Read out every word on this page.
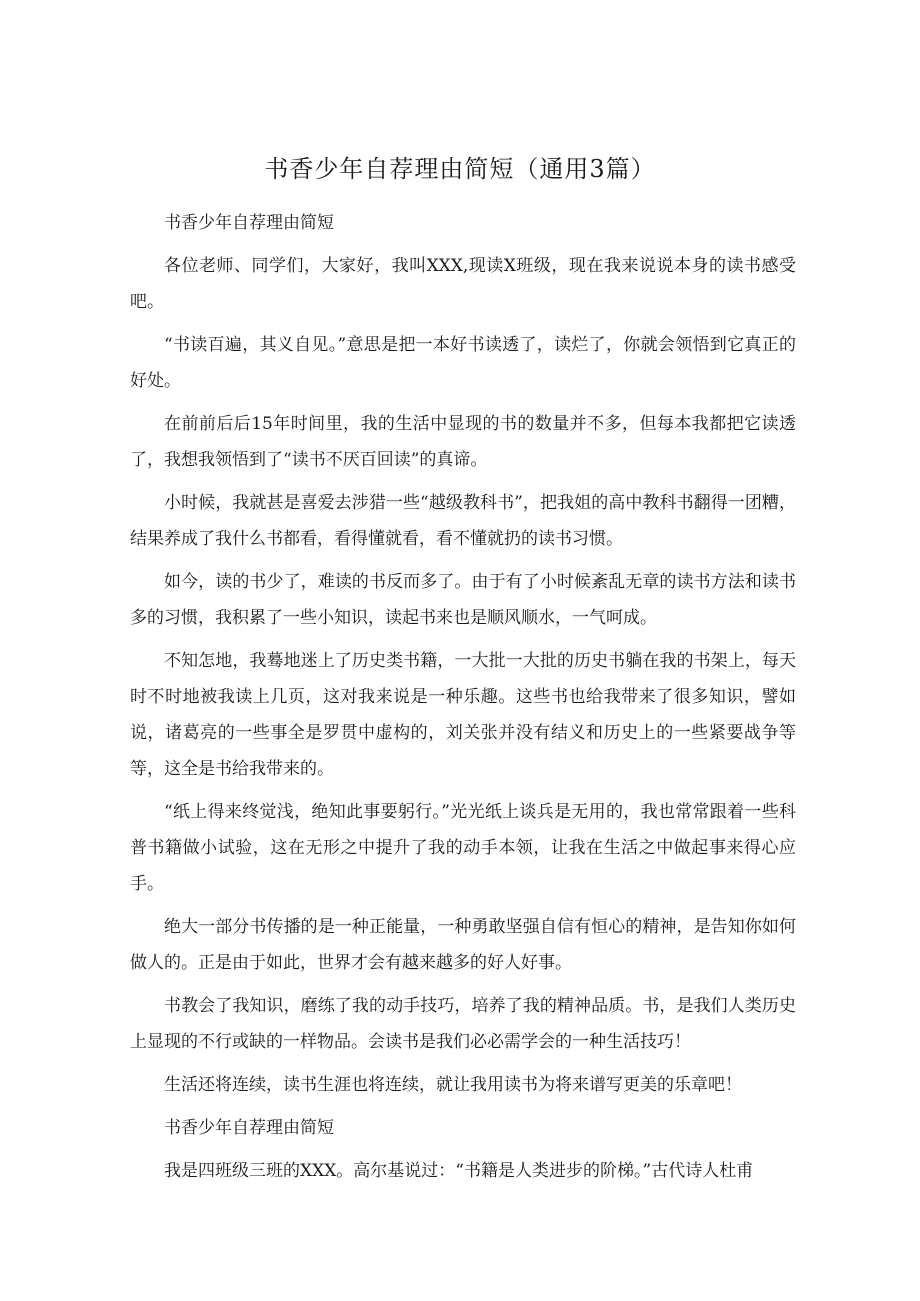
书香少年自荐理由简短（通用3篇）

书香少年自荐理由简短

各位老师、同学们，大家好，我叫XXX,现读X班级，现在我来说说本身的读书感受吧。

“书读百遍，其义自见。”意思是把一本好书读透了，读烂了，你就会领悟到它真正的好处。

在前前后后15年时间里，我的生活中显现的书的数量并不多，但每本我都把它读透了，我想我领悟到了“读书不厌百回读”的真谛。

小时候，我就甚是喜爱去涉猎一些“越级教科书”，把我姐的高中教科书翻得一团糟，结果养成了我什么书都看，看得懂就看，看不懂就扔的读书习惯。

如今，读的书少了，难读的书反而多了。由于有了小时候紊乱无章的读书方法和读书多的习惯，我积累了一些小知识，读起书来也是顺风顺水，一气呵成。

不知怎地，我蓦地迷上了历史类书籍，一大批一大批的历史书躺在我的书架上，每天时不时地被我读上几页，这对我来说是一种乐趣。这些书也给我带来了很多知识，譬如说，诸葛亮的一些事全是罗贯中虚构的，刘关张并没有结义和历史上的一些紧要战争等等，这全是书给我带来的。

“纸上得来终觉浅，绝知此事要躬行。”光光纸上谈兵是无用的，我也常常跟着一些科普书籍做小试验，这在无形之中提升了我的动手本领，让我在生活之中做起事来得心应手。

绝大一部分书传播的是一种正能量，一种勇敢坚强自信有恒心的精神，是告知你如何做人的。正是由于如此，世界才会有越来越多的好人好事。

书教会了我知识，磨练了我的动手技巧，培养了我的精神品质。书，是我们人类历史上显现的不行或缺的一样物品。会读书是我们必必需学会的一种生活技巧！

生活还将连续，读书生涯也将连续，就让我用读书为将来谱写更美的乐章吧！

书香少年自荐理由简短

我是四班级三班的XXX。高尔基说过：“书籍是人类进步的阶梯。”古代诗人杜甫
